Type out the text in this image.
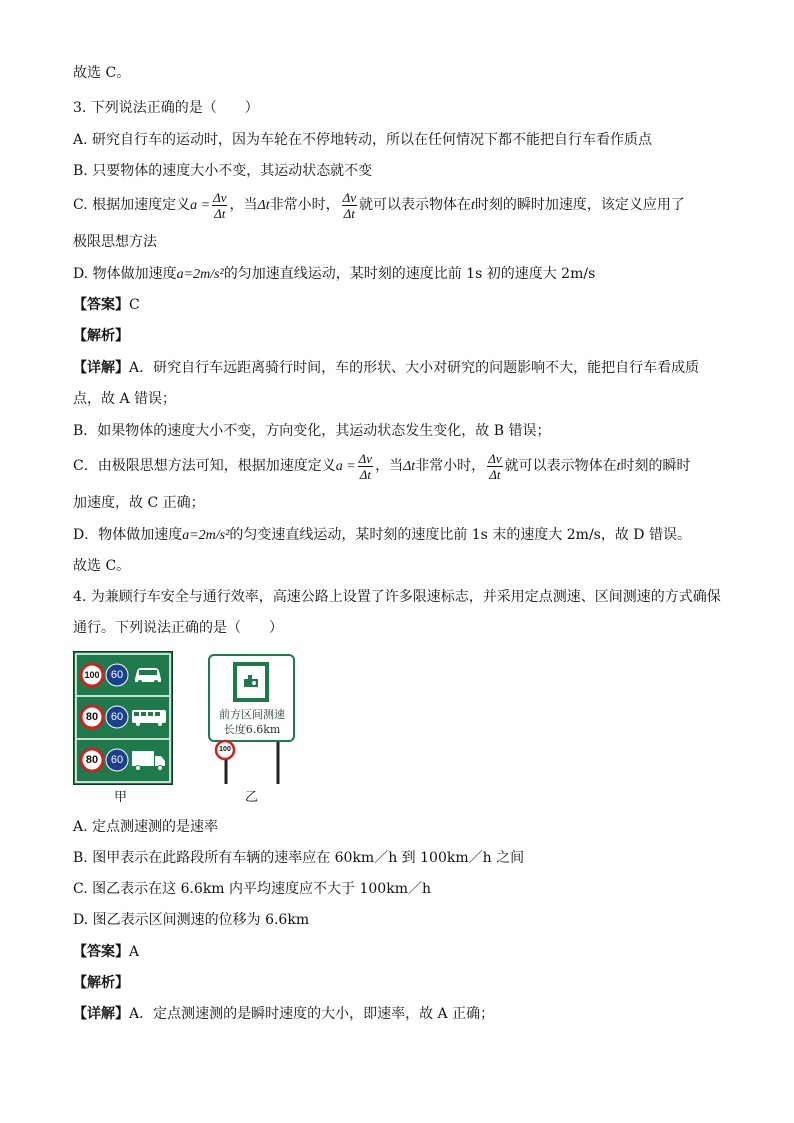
故选 C。
3. 下列说法正确的是（　　）
A. 研究自行车的运动时，因为车轮在不停地转动，所以在任何情况下都不能把自行车看作质点
B. 只要物体的速度大小不变，其运动状态就不变
C. 根据加速度定义$a = \frac{\Delta v}{\Delta t}$ ，当Δt非常小时， $\frac{\Delta v}{\Delta t}$ 就可以表示物体在t时刻的瞬时加速度，该定义应用了
极限思想方法
D. 物体做加速度a=2m/s²的匀加速直线运动，某时刻的速度比前 1s 初的速度大 2m/s
【答案】C
【解析】
【详解】A．研究自行车远距离骑行时间，车的形状、大小对研究的问题影响不大，能把自行车看成质
点，故 A 错误；
B．如果物体的速度大小不变，方向变化，其运动状态发生变化，故 B 错误；
C．由极限思想方法可知，根据加速度定义$a = \frac{\Delta v}{\Delta t}$ ，当Δt非常小时， $\frac{\Delta v}{\Delta t}$ 就可以表示物体在t时刻的瞬时
加速度，故 C 正确；
D．物体做加速度a=2m/s²的匀变速直线运动，某时刻的速度比前 1s 末的速度大 2m/s，故 D 错误。
故选 C。
4. 为兼顾行车安全与通行效率，高速公路上设置了许多限速标志，并采用定点测速、区间测速的方式确保
通行。下列说法正确的是（　　）
100 60
80 60
80 60
甲
前方区间测速
长度6.6km
100
乙
A. 定点测速测的是速率
B. 图甲表示在此路段所有车辆的速率应在 60km／h 到 100km／h 之间
C. 图乙表示在这 6.6km 内平均速度应不大于 100km／h
D. 图乙表示区间测速的位移为 6.6km
【答案】A
【解析】
【详解】A．定点测速测的是瞬时速度的大小，即速率，故 A 正确；
